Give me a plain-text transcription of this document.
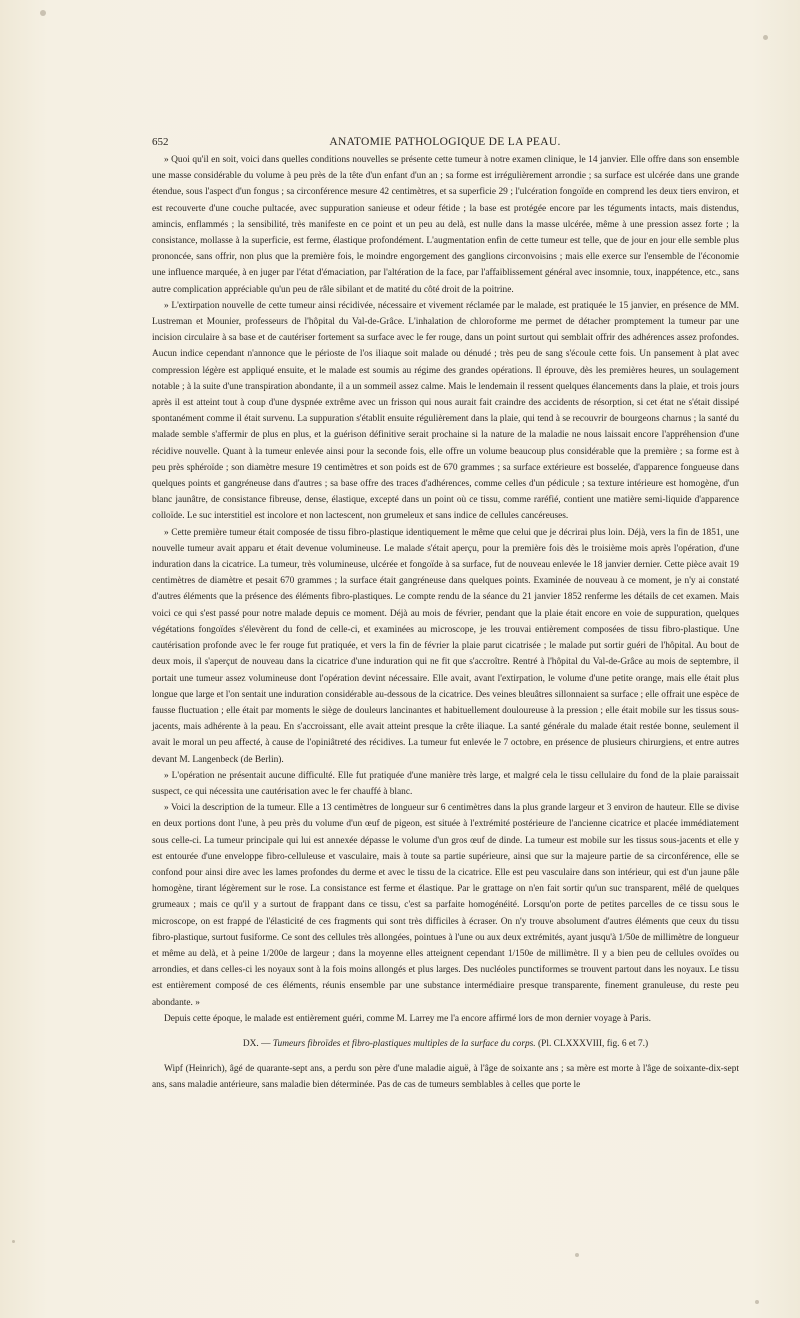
652	ANATOMIE PATHOLOGIQUE DE LA PEAU.

» Quoi qu'il en soit, voici dans quelles conditions nouvelles se présente cette tumeur à notre examen clinique, le 14 janvier. Elle offre dans son ensemble une masse considérable du volume à peu près de la tête d'un enfant d'un an ; sa forme est irrégulièrement arrondie ; sa surface est ulcérée dans une grande étendue, sous l'aspect d'un fongus ; sa circonférence mesure 42 centimètres, et sa superficie 29 ; l'ulcération fongoïde en comprend les deux tiers environ, et est recouverte d'une couche pultacée, avec suppuration sanieuse et odeur fétide ; la base est protégée encore par les téguments intacts, mais distendus, amincis, enflammés ; la sensibilité, très manifeste en ce point et un peu au delà, est nulle dans la masse ulcérée, même à une pression assez forte ; la consistance, mollasse à la superficie, est ferme, élastique profondément. L'augmentation enfin de cette tumeur est telle, que de jour en jour elle semble plus prononcée, sans offrir, non plus que la première fois, le moindre engorgement des ganglions circonvoisins ; mais elle exerce sur l'ensemble de l'économie une influence marquée, à en juger par l'état d'émaciation, par l'altération de la face, par l'affaiblissement général avec insomnie, toux, inappétence, etc., sans autre complication appréciable qu'un peu de râle sibilant et de matité du côté droit de la poitrine.

» L'extirpation nouvelle de cette tumeur ainsi récidivée, nécessaire et vivement réclamée par le malade, est pratiquée le 15 janvier, en présence de MM. Lustreman et Mounier, professeurs de l'hôpital du Val-de-Grâce. L'inhalation de chloroforme me permet de détacher promptement la tumeur par une incision circulaire à sa base et de cautériser fortement sa surface avec le fer rouge, dans un point surtout qui semblait offrir des adhérences assez profondes. Aucun indice cependant n'annonce que le périoste de l'os iliaque soit malade ou dénudé ; très peu de sang s'écoule cette fois. Un pansement à plat avec compression légère est appliqué ensuite, et le malade est soumis au régime des grandes opérations. Il éprouve, dès les premières heures, un soulagement notable ; à la suite d'une transpiration abondante, il a un sommeil assez calme. Mais le lendemain il ressent quelques élancements dans la plaie, et trois jours après il est atteint tout à coup d'une dyspnée extrême avec un frisson qui nous aurait fait craindre des accidents de résorption, si cet état ne s'était dissipé spontanément comme il était survenu. La suppuration s'établit ensuite régulièrement dans la plaie, qui tend à se recouvrir de bourgeons charnus ; la santé du malade semble s'affermir de plus en plus, et la guérison définitive serait prochaine si la nature de la maladie ne nous laissait encore l'appréhension d'une récidive nouvelle. Quant à la tumeur enlevée ainsi pour la seconde fois, elle offre un volume beaucoup plus considérable que la première ; sa forme est à peu près sphéroïde ; son diamètre mesure 19 centimètres et son poids est de 670 grammes ; sa surface extérieure est bosselée, d'apparence fongueuse dans quelques points et gangréneuse dans d'autres ; sa base offre des traces d'adhérences, comme celles d'un pédicule ; sa texture intérieure est homogène, d'un blanc jaunâtre, de consistance fibreuse, dense, élastique, excepté dans un point où ce tissu, comme raréfié, contient une matière semi-liquide d'apparence colloïde. Le suc interstitiel est incolore et non lactescent, non grumeleux et sans indice de cellules cancéreuses.

» Cette première tumeur était composée de tissu fibro-plastique identiquement le même que celui que je décrirai plus loin. Déjà, vers la fin de 1851, une nouvelle tumeur avait apparu et était devenue volumineuse. Le malade s'était aperçu, pour la première fois dès le troisième mois après l'opération, d'une induration dans la cicatrice. La tumeur, très volumineuse, ulcérée et fongoïde à sa surface, fut de nouveau enlevée le 18 janvier dernier. Cette pièce avait 19 centimètres de diamètre et pesait 670 grammes ; la surface était gangréneuse dans quelques points. Examinée de nouveau à ce moment, je n'y ai constaté d'autres éléments que la présence des éléments fibro-plastiques. Le compte rendu de la séance du 21 janvier 1852 renferme les détails de cet examen. Mais voici ce qui s'est passé pour notre malade depuis ce moment. Déjà au mois de février, pendant que la plaie était encore en voie de suppuration, quelques végétations fongoïdes s'élevèrent du fond de celle-ci, et examinées au microscope, je les trouvai entièrement composées de tissu fibro-plastique. Une cautérisation profonde avec le fer rouge fut pratiquée, et vers la fin de février la plaie parut cicatrisée ; le malade put sortir guéri de l'hôpital. Au bout de deux mois, il s'aperçut de nouveau dans la cicatrice d'une induration qui ne fit que s'accroître. Rentré à l'hôpital du Val-de-Grâce au mois de septembre, il portait une tumeur assez volumineuse dont l'opération devint nécessaire. Elle avait, avant l'extirpation, le volume d'une petite orange, mais elle était plus longue que large et l'on sentait une induration considérable au-dessous de la cicatrice. Des veines bleuâtres sillonnaient sa surface ; elle offrait une espèce de fausse fluctuation ; elle était par moments le siège de douleurs lancinantes et habituellement douloureuse à la pression ; elle était mobile sur les tissus sous-jacents, mais adhérente à la peau. En s'accroissant, elle avait atteint presque la crête iliaque. La santé générale du malade était restée bonne, seulement il avait le moral un peu affecté, à cause de l'opiniâtreté des récidives. La tumeur fut enlevée le 7 octobre, en présence de plusieurs chirurgiens, et entre autres devant M. Langenbeck (de Berlin).

» L'opération ne présentait aucune difficulté. Elle fut pratiquée d'une manière très large, et malgré cela le tissu cellulaire du fond de la plaie paraissait suspect, ce qui nécessita une cautérisation avec le fer chauffé à blanc.

» Voici la description de la tumeur. Elle a 13 centimètres de longueur sur 6 centimètres dans la plus grande largeur et 3 environ de hauteur. Elle se divise en deux portions dont l'une, à peu près du volume d'un œuf de pigeon, est située à l'extrémité postérieure de l'ancienne cicatrice et placée immédiatement sous celle-ci. La tumeur principale qui lui est annexée dépasse le volume d'un gros œuf de dinde. La tumeur est mobile sur les tissus sous-jacents et elle y est entourée d'une enveloppe fibro-celluleuse et vasculaire, mais à toute sa partie supérieure, ainsi que sur la majeure partie de sa circonférence, elle se confond pour ainsi dire avec les lames profondes du derme et avec le tissu de la cicatrice. Elle est peu vasculaire dans son intérieur, qui est d'un jaune pâle homogène, tirant légèrement sur le rose. La consistance est ferme et élastique. Par le grattage on n'en fait sortir qu'un suc transparent, mêlé de quelques grumeaux ; mais ce qu'il y a surtout de frappant dans ce tissu, c'est sa parfaite homogénéité. Lorsqu'on porte de petites parcelles de ce tissu sous le microscope, on est frappé de l'élasticité de ces fragments qui sont très difficiles à écraser. On n'y trouve absolument d'autres éléments que ceux du tissu fibro-plastique, surtout fusiforme. Ce sont des cellules très allongées, pointues à l'une ou aux deux extrémités, ayant jusqu'à 1/50e de millimètre de longueur et même au delà, et à peine 1/200e de largeur ; dans la moyenne elles atteignent cependant 1/150e de millimètre. Il y a bien peu de cellules ovoïdes ou arrondies, et dans celles-ci les noyaux sont à la fois moins allongés et plus larges. Des nucléoles punctiformes se trouvent partout dans les noyaux. Le tissu est entièrement composé de ces éléments, réunis ensemble par une substance intermédiaire presque transparente, finement granuleuse, du reste peu abondante. »

Depuis cette époque, le malade est entièrement guéri, comme M. Larrey me l'a encore affirmé lors de mon dernier voyage à Paris.

DX. — Tumeurs fibroïdes et fibro-plastiques multiples de la surface du corps. (Pl. CLXXXVIII, fig. 6 et 7.)

Wipf (Heinrich), âgé de quarante-sept ans, a perdu son père d'une maladie aiguë, à l'âge de soixante ans ; sa mère est morte à l'âge de soixante-dix-sept ans, sans maladie antérieure, sans maladie bien déterminée. Pas de cas de tumeurs semblables à celles que porte le
